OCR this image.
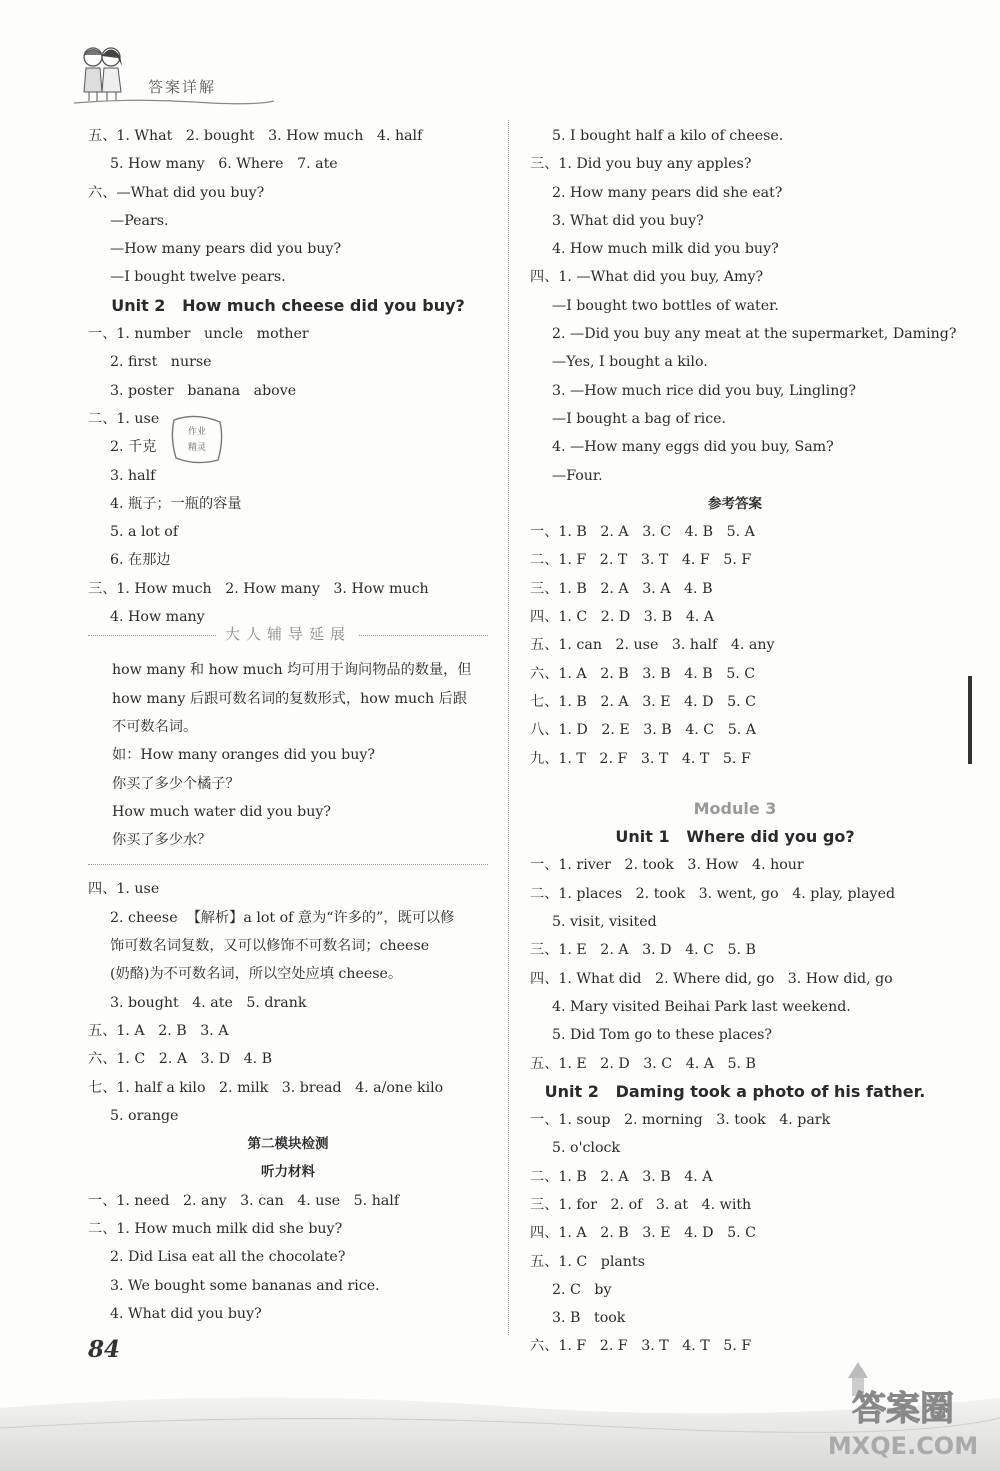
答案详解
五、1. What   2. bought   3. How much   4. half
5. How many   6. Where   7. ate
六、—What did you buy?
—Pears.
—How many pears did you buy?
—I bought twelve pears.
Unit 2   How much cheese did you buy?
一、1. number   uncle   mother
2. first   nurse
3. poster   banana   above
二、1. use
2. 千克
3. half
4. 瓶子；一瓶的容量
5. a lot of
6. 在那边
三、1. How much   2. How many   3. How much
4. How many
大人辅导延展
how many 和 how much 均可用于询问物品的数量，但
how many 后跟可数名词的复数形式，how much 后跟
不可数名词。
如：How many oranges did you buy?
你买了多少个橘子？
How much water did you buy?
你买了多少水？
四、1. use
2. cheese  【解析】a lot of 意为“许多的”，既可以修
饰可数名词复数，又可以修饰不可数名词；cheese
(奶酪)为不可数名词，所以空处应填 cheese。
3. bought   4. ate   5. drank
五、1. A   2. B   3. A
六、1. C   2. A   3. D   4. B
七、1. half a kilo   2. milk   3. bread   4. a/one kilo
5. orange
第二模块检测
听力材料
一、1. need   2. any   3. can   4. use   5. half
二、1. How much milk did she buy?
2. Did Lisa eat all the chocolate?
3. We bought some bananas and rice.
4. What did you buy?
5. I bought half a kilo of cheese.
三、1. Did you buy any apples?
2. How many pears did she eat?
3. What did you buy?
4. How much milk did you buy?
四、1. —What did you buy, Amy?
—I bought two bottles of water.
2. —Did you buy any meat at the supermarket, Daming?
—Yes, I bought a kilo.
3. —How much rice did you buy, Lingling?
—I bought a bag of rice.
4. —How many eggs did you buy, Sam?
—Four.
参考答案
一、1. B   2. A   3. C   4. B   5. A
二、1. F   2. T   3. T   4. F   5. F
三、1. B   2. A   3. A   4. B
四、1. C   2. D   3. B   4. A
五、1. can   2. use   3. half   4. any
六、1. A   2. B   3. B   4. B   5. C
七、1. B   2. A   3. E   4. D   5. C
八、1. D   2. E   3. B   4. C   5. A
九、1. T   2. F   3. T   4. T   5. F
Module 3
Unit 1   Where did you go?
一、1. river   2. took   3. How   4. hour
二、1. places   2. took   3. went, go   4. play, played
5. visit, visited
三、1. E   2. A   3. D   4. C   5. B
四、1. What did   2. Where did, go   3. How did, go
4. Mary visited Beihai Park last weekend.
5. Did Tom go to these places?
五、1. E   2. D   3. C   4. A   5. B
Unit 2   Daming took a photo of his father.
一、1. soup   2. morning   3. took   4. park
5. o'clock
二、1. B   2. A   3. B   4. A
三、1. for   2. of   3. at   4. with
四、1. A   2. B   3. E   4. D   5. C
五、1. C   plants
2. C   by
3. B   took
六、1. F   2. F   3. T   4. T   5. F
作业
精灵
84
答案圈
MXQE.COM
